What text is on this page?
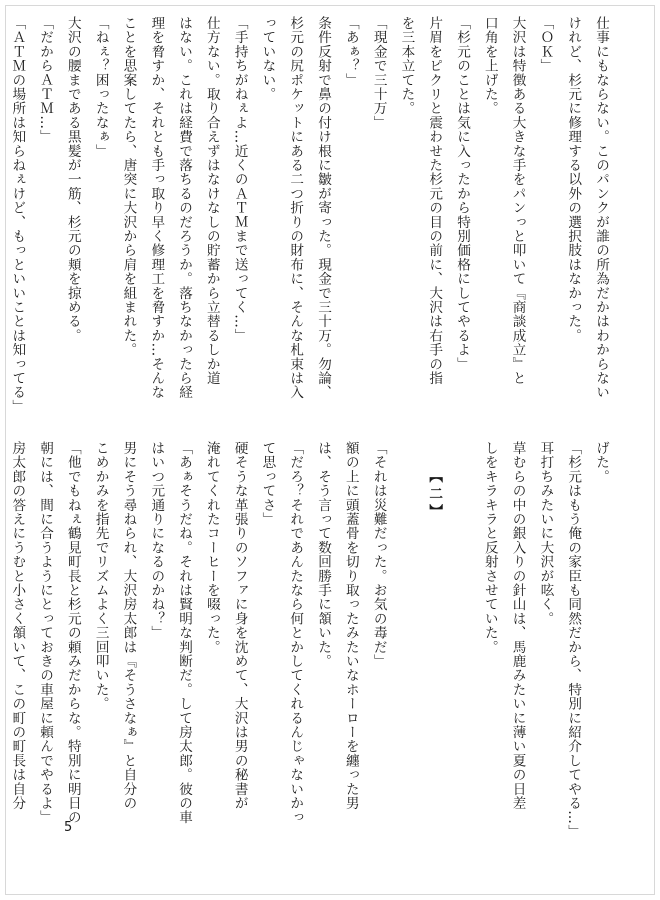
仕事にもならない。このパンクが誰の所為だかはわからない
けれど、杉元に修理する以外の選択肢はなかった。
「ＯＫ」
大沢は特徴ある大きな手をパンっと叩いて『商談成立』と
口角を上げた。
「杉元のことは気に入ったから特別価格にしてやるよ」
片眉をピクリと震わせた杉元の目の前に、大沢は右手の指
を三本立てた。
「現金で三十万」
「あぁ？」
条件反射で鼻の付け根に皺が寄った。現金で三十万。勿論、
杉元の尻ポケットにある二つ折りの財布に、そんな札束は入
っていない。
「手持ちがねぇよ…近くのＡＴＭまで送ってく…」
仕方ない。取り合えずはなけなしの貯蓄から立替るしか道
はない。これは経費で落ちるのだろうか。落ちなかったら経
理を脅すか、それとも手っ取り早く修理工を脅すか…そんな
ことを思案してたら、唐突に大沢から肩を組まれた。
「ねぇ？困ったなぁ」
大沢の腰まである黒髪が一筋、杉元の頬を掠める。
「だからＡＴＭ…」
「ＡＴＭの場所は知らねぇけど、もっといいことは知ってる」
げた。
「杉元はもう俺の家臣も同然だから、特別に紹介してやる…」
耳打ちみたいに大沢が呟く。
草むらの中の銀入りの針山は、馬鹿みたいに薄い夏の日差
しをキラキラと反射させていた。

【二】

「それは災難だった。お気の毒だ」
額の上に頭蓋骨を切り取ったみたいなホーローを纏った男
は、そう言って数回勝手に頷いた。
「だろ？それであんたなら何とかしてくれるんじゃないかっ
て思ってさ」
硬そうな革張りのソファに身を沈めて、大沢は男の秘書が
淹れてくれたコーヒーを啜った。
「あぁそうだね。それは賢明な判断だ。して房太郎。彼の車
はいつ元通りになるのかね？」
男にそう尋ねられ、大沢房太郎は『そうさなぁ』と自分の
こめかみを指先でリズムよく三回叩いた。
「他でもねぇ鶴見町長と杉元の頼みだからな。特別に明日の
朝には、間に合うようにとっておきの車屋に頼んでやるよ」
房太郎の答えにうむと小さく頷いて、この町の町長は自分
5
